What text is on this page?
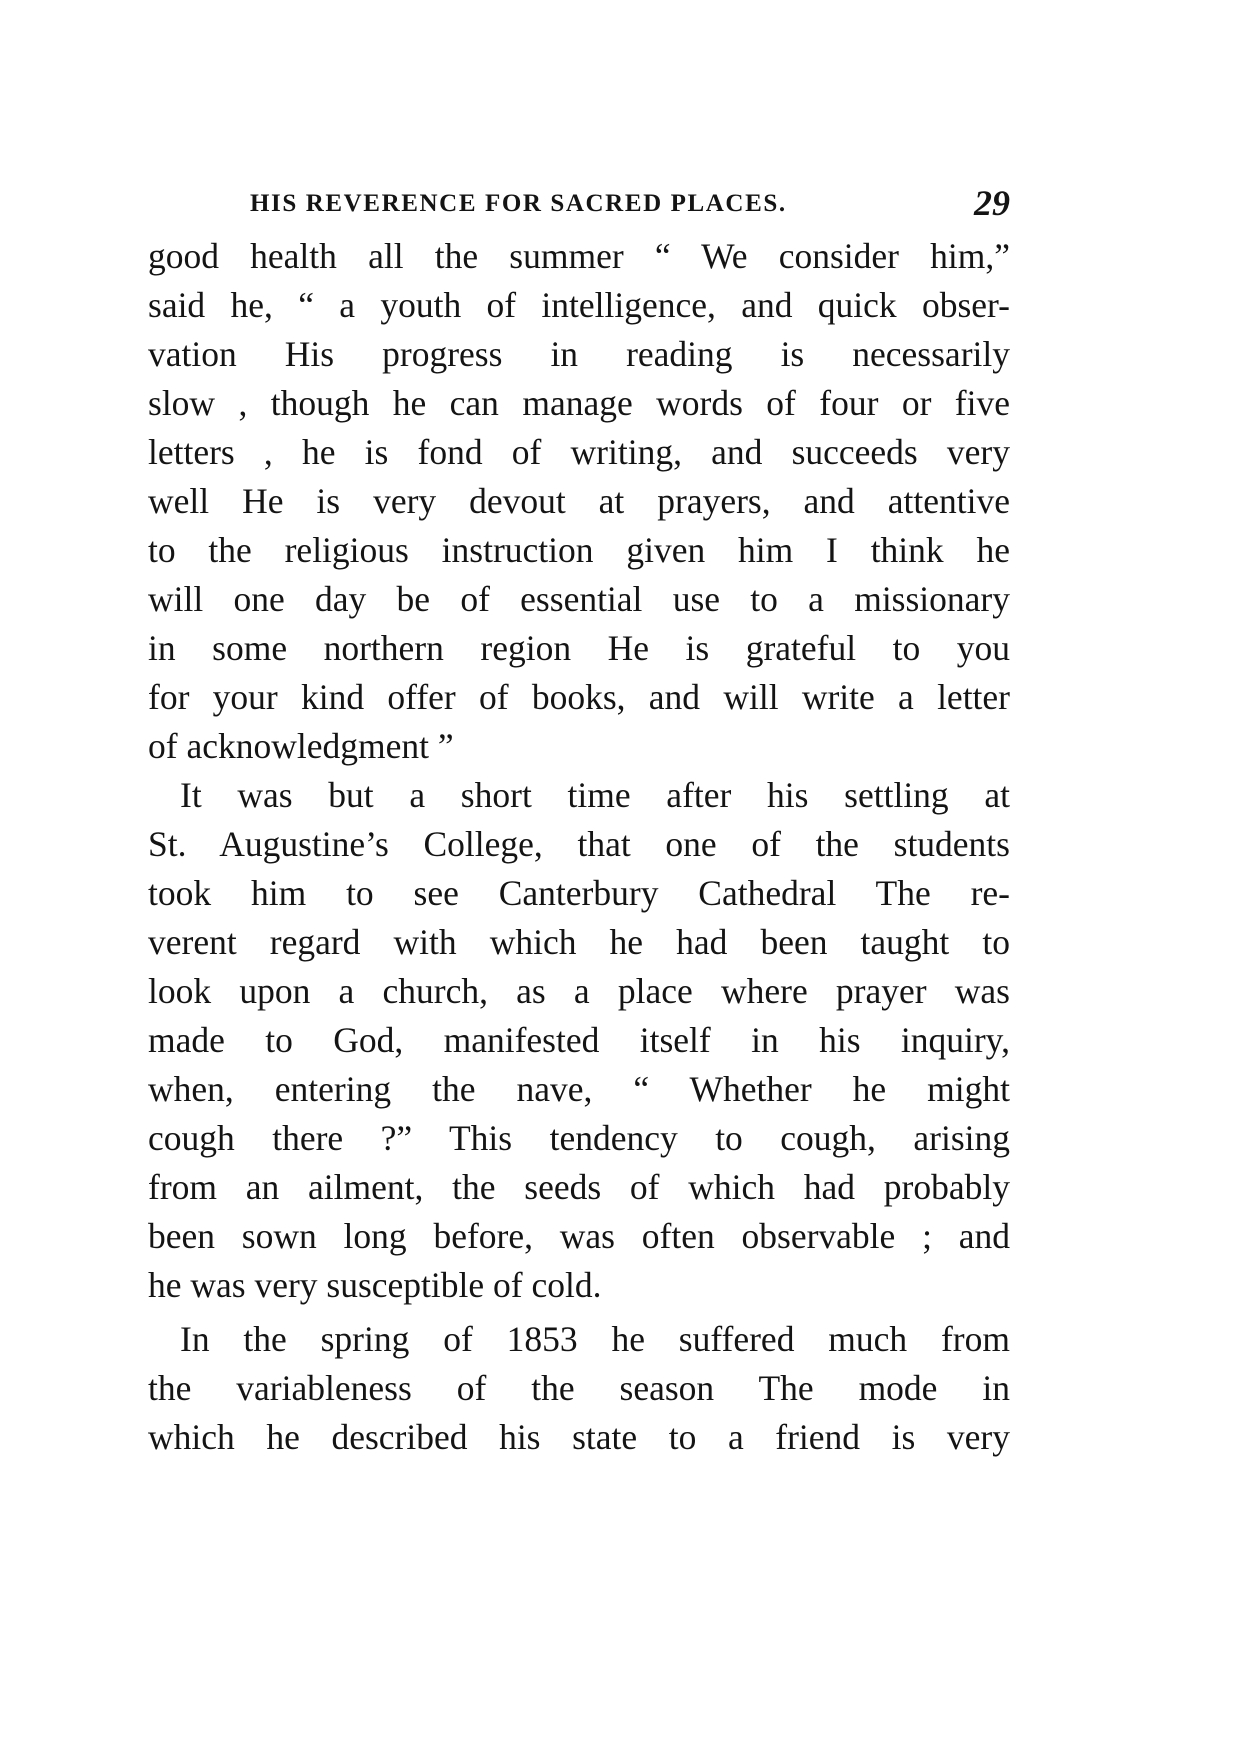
HIS REVERENCE FOR SACRED PLACES.	29
good health all the summer “ We consider him,”
said he, “ a youth of intelligence, and quick obser-
vation His progress in reading is necessarily
slow , though he can manage words of four or five
letters , he is fond of writing, and succeeds very
well He is very devout at prayers, and attentive
to the religious instruction given him I think he
will one day be of essential use to a missionary
in some northern region He is grateful to you
for your kind offer of books, and will write a letter
of acknowledgment ”
It was but a short time after his settling at
St. Augustine’s College, that one of the students
took him to see Canterbury Cathedral The re-
verent regard with which he had been taught to
look upon a church, as a place where prayer was
made to God, manifested itself in his inquiry,
when, entering the nave, “ Whether he might
cough there ?” This tendency to cough, arising
from an ailment, the seeds of which had probably
been sown long before, was often observable ; and
he was very susceptible of cold.
In the spring of 1853 he suffered much from
the variableness of the season The mode in
which he described his state to a friend is very
